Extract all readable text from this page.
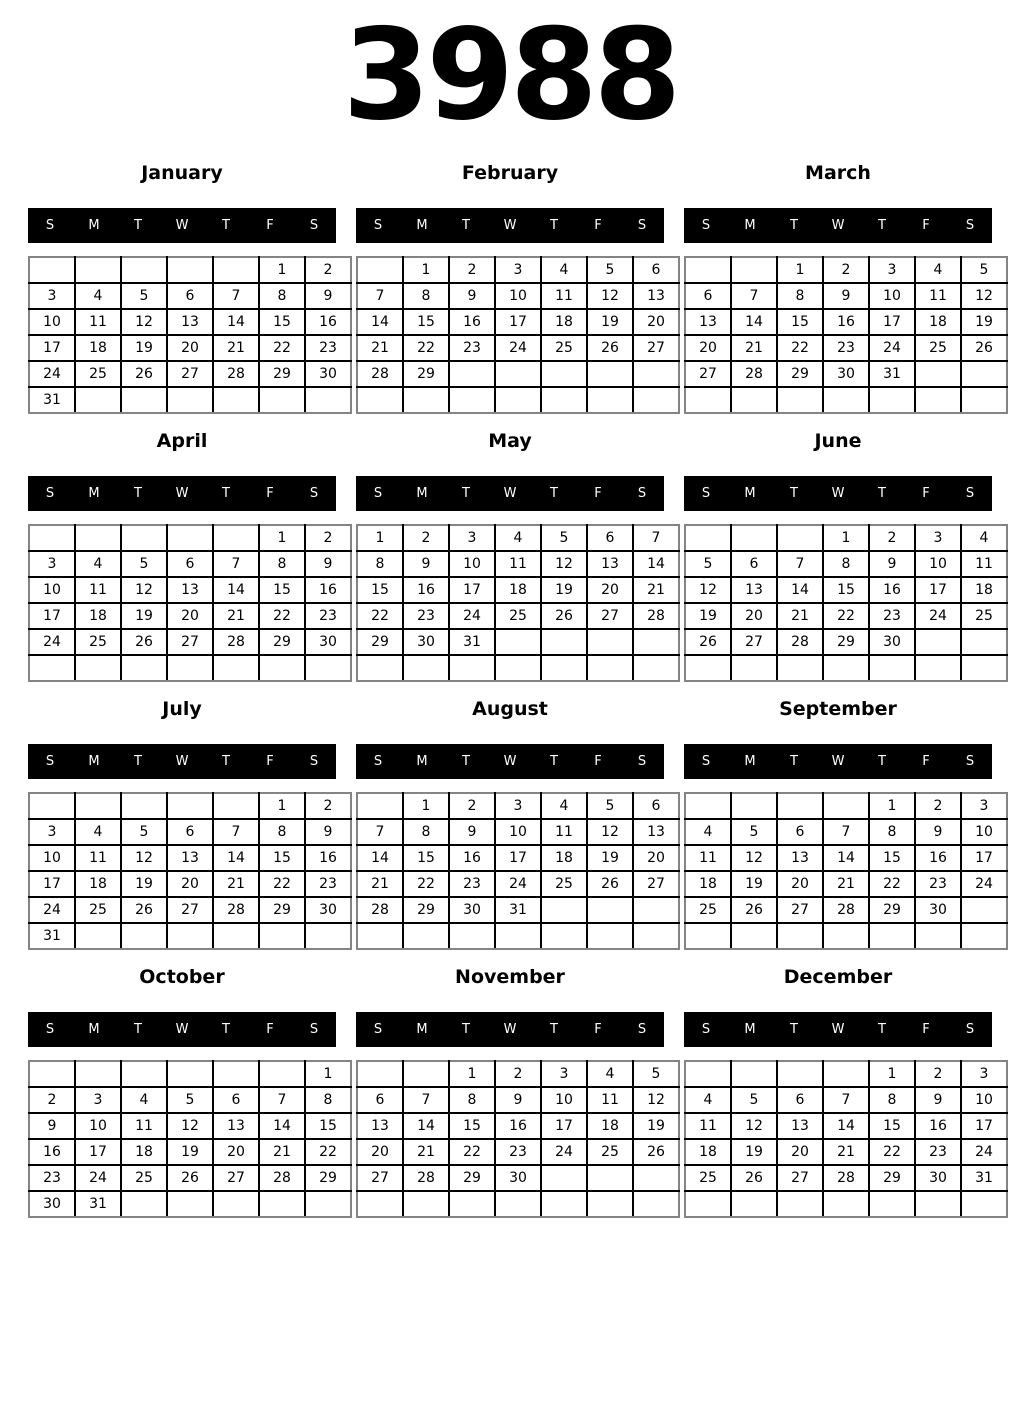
3988
January
S	M	T	W	T	F	S
					1	2
3	4	5	6	7	8	9
10	11	12	13	14	15	16
17	18	19	20	21	22	23
24	25	26	27	28	29	30
31						
February
S	M	T	W	T	F	S
	1	2	3	4	5	6
7	8	9	10	11	12	13
14	15	16	17	18	19	20
21	22	23	24	25	26	27
28	29					

March
S	M	T	W	T	F	S
		1	2	3	4	5
6	7	8	9	10	11	12
13	14	15	16	17	18	19
20	21	22	23	24	25	26
27	28	29	30	31		

April
S	M	T	W	T	F	S
					1	2
3	4	5	6	7	8	9
10	11	12	13	14	15	16
17	18	19	20	21	22	23
24	25	26	27	28	29	30

May
S	M	T	W	T	F	S
1	2	3	4	5	6	7
8	9	10	11	12	13	14
15	16	17	18	19	20	21
22	23	24	25	26	27	28
29	30	31				

June
S	M	T	W	T	F	S
			1	2	3	4
5	6	7	8	9	10	11
12	13	14	15	16	17	18
19	20	21	22	23	24	25
26	27	28	29	30		

July
S	M	T	W	T	F	S
					1	2
3	4	5	6	7	8	9
10	11	12	13	14	15	16
17	18	19	20	21	22	23
24	25	26	27	28	29	30
31						
August
S	M	T	W	T	F	S
	1	2	3	4	5	6
7	8	9	10	11	12	13
14	15	16	17	18	19	20
21	22	23	24	25	26	27
28	29	30	31			

September
S	M	T	W	T	F	S
				1	2	3
4	5	6	7	8	9	10
11	12	13	14	15	16	17
18	19	20	21	22	23	24
25	26	27	28	29	30	

October
S	M	T	W	T	F	S
						1
2	3	4	5	6	7	8
9	10	11	12	13	14	15
16	17	18	19	20	21	22
23	24	25	26	27	28	29
30	31					
November
S	M	T	W	T	F	S
		1	2	3	4	5
6	7	8	9	10	11	12
13	14	15	16	17	18	19
20	21	22	23	24	25	26
27	28	29	30			

December
S	M	T	W	T	F	S
				1	2	3
4	5	6	7	8	9	10
11	12	13	14	15	16	17
18	19	20	21	22	23	24
25	26	27	28	29	30	31
